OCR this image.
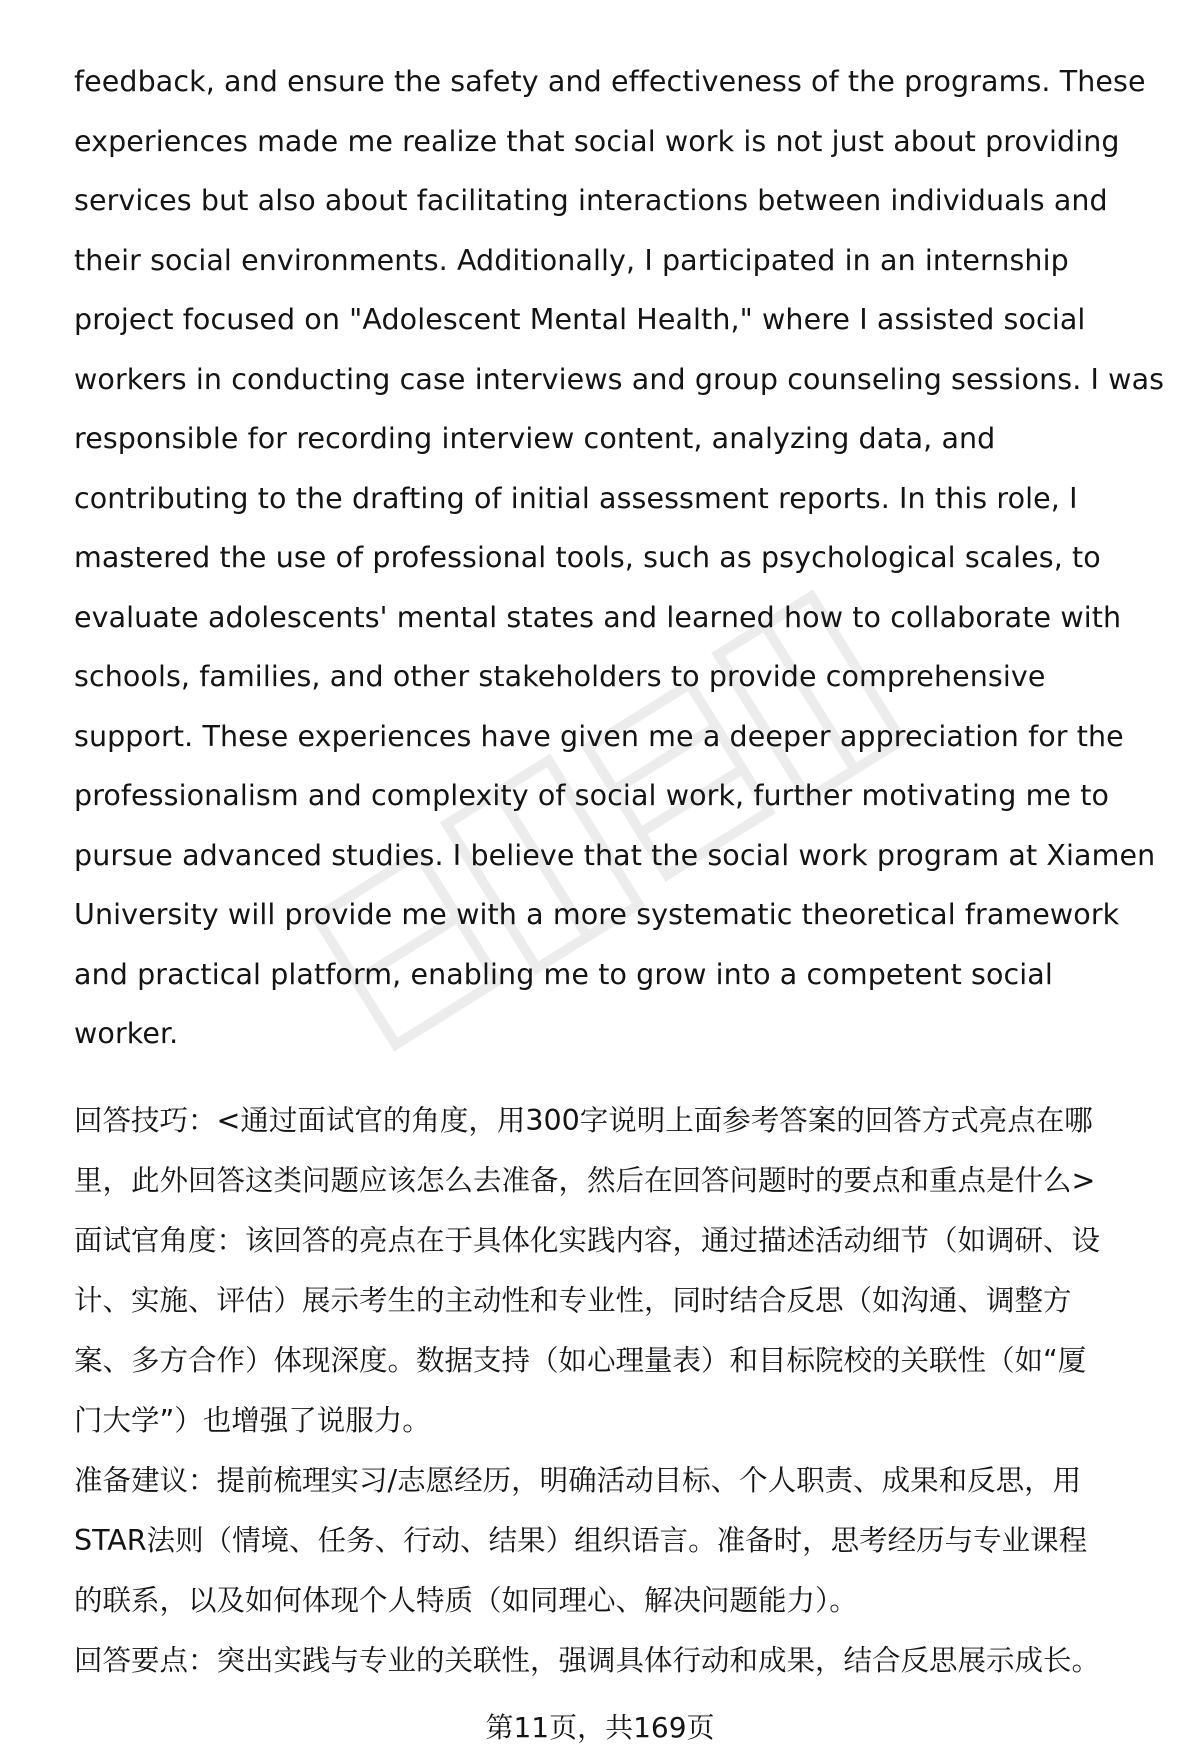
feedback, and ensure the safety and effectiveness of the programs. These
experiences made me realize that social work is not just about providing
services but also about facilitating interactions between individuals and
their social environments. Additionally, I participated in an internship
project focused on "Adolescent Mental Health," where I assisted social
workers in conducting case interviews and group counseling sessions. I was
responsible for recording interview content, analyzing data, and
contributing to the drafting of initial assessment reports. In this role, I
mastered the use of professional tools, such as psychological scales, to
evaluate adolescents' mental states and learned how to collaborate with
schools, families, and other stakeholders to provide comprehensive
support. These experiences have given me a deeper appreciation for the
professionalism and complexity of social work, further motivating me to
pursue advanced studies. I believe that the social work program at Xiamen
University will provide me with a more systematic theoretical framework
and practical platform, enabling me to grow into a competent social
worker.
回答技巧：<通过面试官的角度，用300字说明上面参考答案的回答方式亮点在哪
里，此外回答这类问题应该怎么去准备，然后在回答问题时的要点和重点是什么>
面试官角度：该回答的亮点在于具体化实践内容，通过描述活动细节（如调研、设
计、实施、评估）展示考生的主动性和专业性，同时结合反思（如沟通、调整方
案、多方合作）体现深度。数据支持（如心理量表）和目标院校的关联性（如“厦
门大学”）也增强了说服力。
准备建议：提前梳理实习/志愿经历，明确活动目标、个人职责、成果和反思，用
STAR法则（情境、任务、行动、结果）组织语言。准备时，思考经历与专业课程
的联系，以及如何体现个人特质（如同理心、解决问题能力）。
回答要点：突出实践与专业的关联性，强调具体行动和成果，结合反思展示成长。
第11页，共169页
